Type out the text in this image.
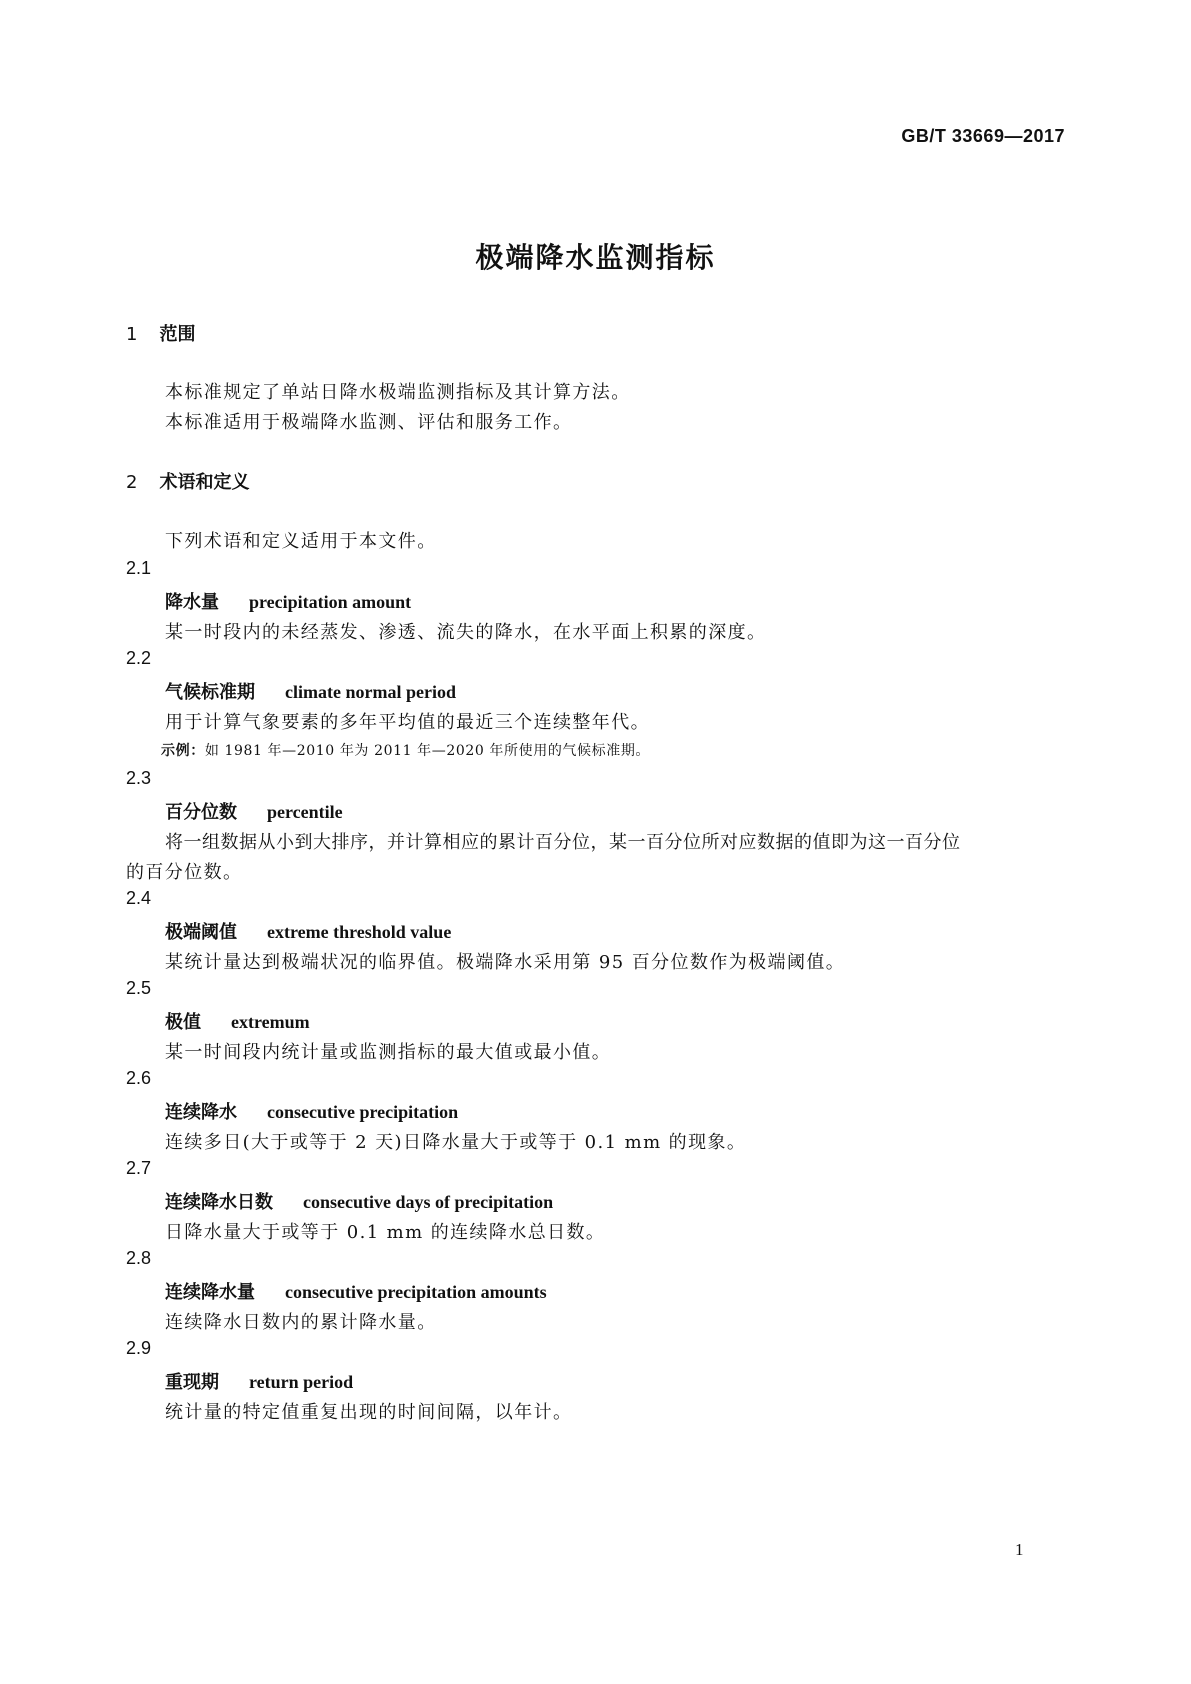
GB/T 33669—2017
极端降水监测指标
1 范围
本标准规定了单站日降水极端监测指标及其计算方法。
本标准适用于极端降水监测、评估和服务工作。
2 术语和定义
下列术语和定义适用于本文件。
2.1
降水量 precipitation amount
某一时段内的未经蒸发、渗透、流失的降水，在水平面上积累的深度。
2.2
气候标准期 climate normal period
用于计算气象要素的多年平均值的最近三个连续整年代。
示例：如 1981 年—2010 年为 2011 年—2020 年所使用的气候标准期。
2.3
百分位数 percentile
将一组数据从小到大排序，并计算相应的累计百分位，某一百分位所对应数据的值即为这一百分位
的百分位数。
2.4
极端阈值 extreme threshold value
某统计量达到极端状况的临界值。极端降水采用第 95 百分位数作为极端阈值。
2.5
极值 extremum
某一时间段内统计量或监测指标的最大值或最小值。
2.6
连续降水 consecutive precipitation
连续多日(大于或等于 2 天)日降水量大于或等于 0.1 mm 的现象。
2.7
连续降水日数 consecutive days of precipitation
日降水量大于或等于 0.1 mm 的连续降水总日数。
2.8
连续降水量 consecutive precipitation amounts
连续降水日数内的累计降水量。
2.9
重现期 return period
统计量的特定值重复出现的时间间隔，以年计。
1
